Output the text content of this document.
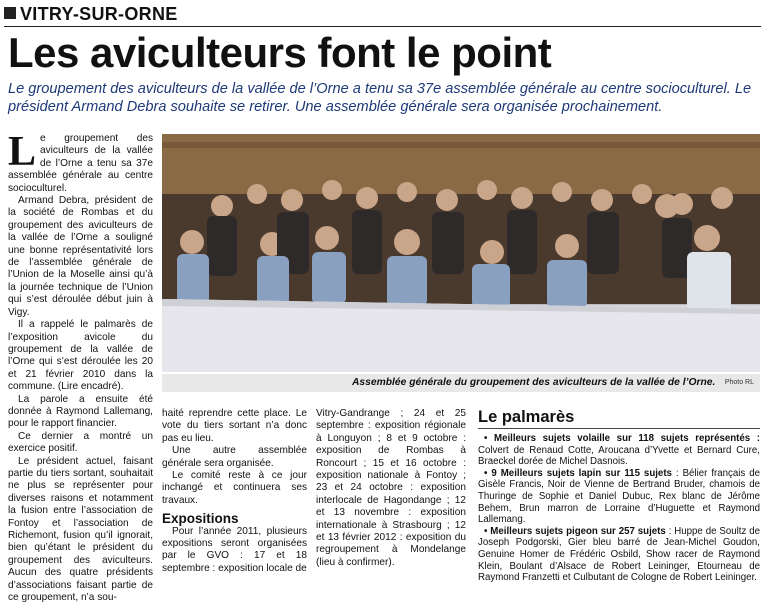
VITRY-SUR-ORNE
Les aviculteurs font le point
Le groupement des aviculteurs de la vallée de l’Orne a tenu sa 37e assemblée générale au centre socioculturel. Le président Armand Debra souhaite se retirer. Une assemblée générale sera organisée prochainement.
L e groupement des aviculteurs de la vallée de l’Orne a tenu sa 37e assemblée générale au centre socioculturel.

Armand Debra, président de la société de Rombas et du groupement des aviculteurs de la vallée de l’Orne a souligné une bonne représentativité lors de l’assemblée générale de l’Union de la Moselle ainsi qu’à la journée technique de l’Union qui s’est déroulée début juin à Vigy.

Il a rappelé le palmarès de l’exposition avicole du groupement de la vallée de l’Orne qui s’est déroulée les 20 et 21 février 2010 dans la commune. (Lire encadré).

La parole a ensuite été donnée à Raymond Lallemang, pour le rapport financier.

Ce dernier a montré un exercice positif.

Le président actuel, faisant partie du tiers sortant, souhaitait ne plus se représenter pour diverses raisons et notamment la fusion entre l’association de Fontoy et l’association de Richemont, fusion qu’il ignorait, bien qu’étant le président du groupement des aviculteurs. Aucun des quatre présidents d’associations faisant partie de ce groupement, n’a sou-

Assemblée générale du groupement des aviculteurs de la vallée de l’Orne. Photo RL

haité reprendre cette place. Le vote du tiers sortant n’a donc pas eu lieu.

Une autre assemblée générale sera organisée.

Le comité reste à ce jour inchangé et continuera ses travaux.

Expositions

Pour l’année 2011, plusieurs expositions seront organisées par le GVO : 17 et 18 septembre : exposition locale de

Vitry-Gandrange ; 24 et 25 septembre : exposition régionale à Longuyon ; 8 et 9 octobre : exposition de Rombas à Roncourt ; 15 et 16 octobre : exposition nationale à Fontoy ; 23 et 24 octobre : exposition interlocale de Hagondange ; 12 et 13 novembre : exposition internationale à Strasbourg ; 12 et 13 février 2012 : exposition du regroupement à Mondelange (lieu à confirmer).

Le palmarès

• Meilleurs sujets volaille sur 118 sujets représentés : Colvert de Renaud Cotte, Aroucana d’Yvette et Bernard Cure, Braeckel dorée de Michel Dasnois.

• 9 Meilleurs sujets lapin sur 115 sujets : Bélier français de Gisèle Francis, Noir de Vienne de Bertrand Bruder, chamois de Thuringe de Sophie et Daniel Dubuc, Rex blanc de Jérôme Behem, Brun marron de Lorraine d’Huguette et Raymond Lallemang.

• Meilleurs sujets pigeon sur 257 sujets : Huppe de Soultz de Joseph Podgorski, Gier bleu barré de Jean-Michel Goudon, Genuine Homer de Frédéric Osbild, Show racer de Raymond Klein, Boulant d’Alsace de Robert Leininger, Etourneau de Raymond Franzetti et Culbutant de Cologne de Robert Leininger.
